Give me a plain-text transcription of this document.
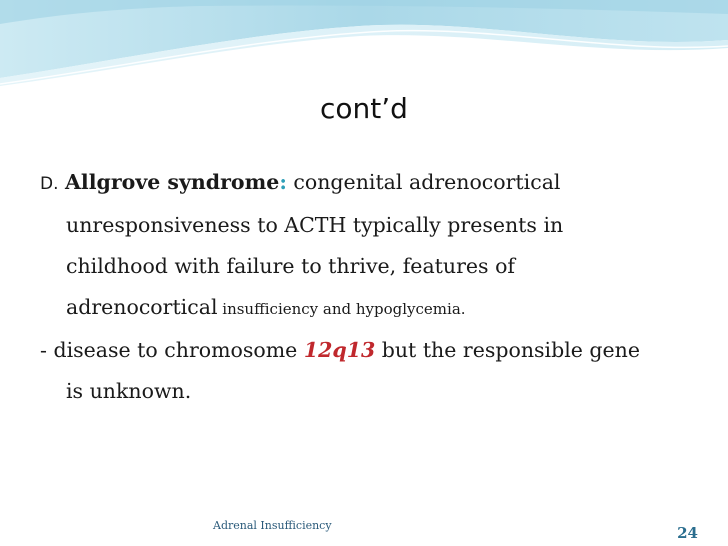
cont’d
D. Allgrove syndrome: congenital adrenocortical
unresponsiveness to ACTH typically presents in
childhood with failure to thrive, features of
adrenocortical insufficiency and hypoglycemia.
- disease to chromosome 12q13 but the responsible gene
is unknown.
Adrenal Insufficiency	24
